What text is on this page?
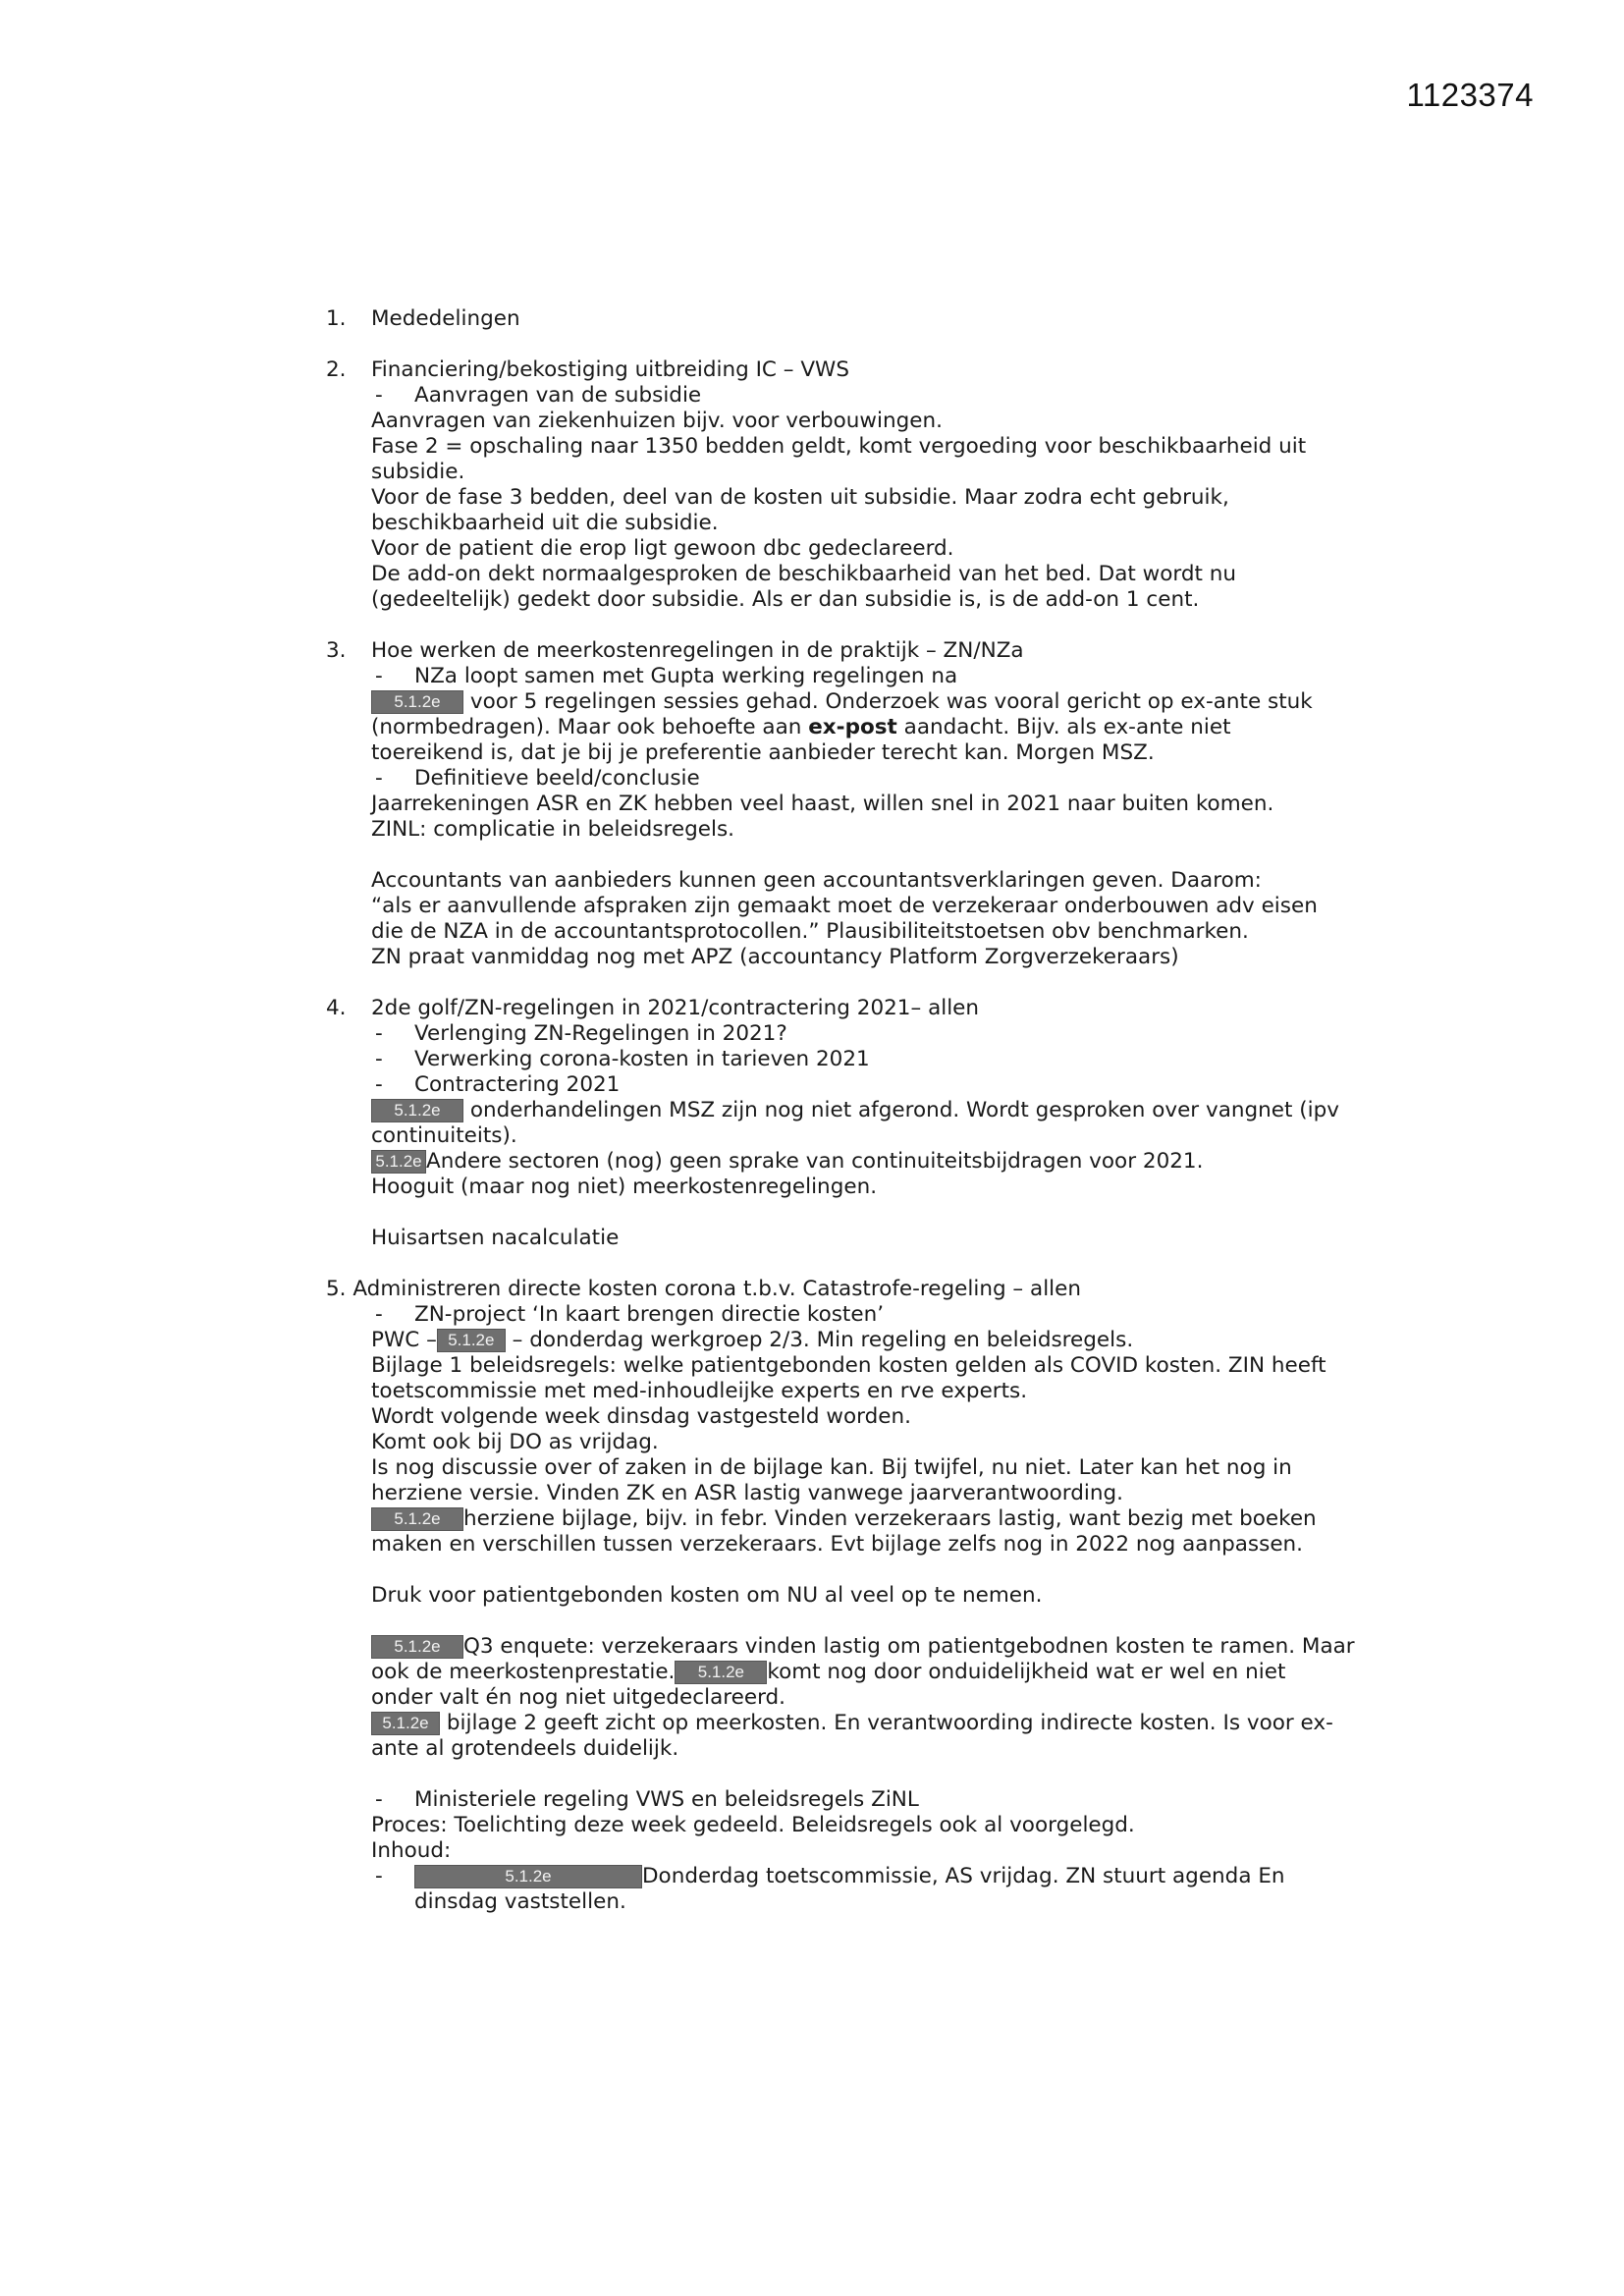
1123374
1.	Mededelingen
2.	Financiering/bekostiging uitbreiding IC – VWS
- Aanvragen van de subsidie
Aanvragen van ziekenhuizen bijv. voor verbouwingen.
Fase 2 = opschaling naar 1350 bedden geldt, komt vergoeding voor beschikbaarheid uit
subsidie.
Voor de fase 3 bedden, deel van de kosten uit subsidie. Maar zodra echt gebruik,
beschikbaarheid uit die subsidie.
Voor de patient die erop ligt gewoon dbc gedeclareerd.
De add-on dekt normaalgesproken de beschikbaarheid van het bed. Dat wordt nu
(gedeeltelijk) gedekt door subsidie. Als er dan subsidie is, is de add-on 1 cent.
3.	Hoe werken de meerkostenregelingen in de praktijk – ZN/NZa
- NZa loopt samen met Gupta werking regelingen na
5.1.2e voor 5 regelingen sessies gehad. Onderzoek was vooral gericht op ex-ante stuk
(normbedragen). Maar ook behoefte aan ex-post aandacht. Bijv. als ex-ante niet
toereikend is, dat je bij je preferentie aanbieder terecht kan. Morgen MSZ.
- Definitieve beeld/conclusie
Jaarrekeningen ASR en ZK hebben veel haast, willen snel in 2021 naar buiten komen.
ZINL: complicatie in beleidsregels.
Accountants van aanbieders kunnen geen accountantsverklaringen geven. Daarom:
“als er aanvullende afspraken zijn gemaakt moet de verzekeraar onderbouwen adv eisen
die de NZA in de accountantsprotocollen.” Plausibiliteitstoetsen obv benchmarken.
ZN praat vanmiddag nog met APZ (accountancy Platform Zorgverzekeraars)
4.	2de golf/ZN-regelingen in 2021/contractering 2021– allen
- Verlenging ZN-Regelingen in 2021?
- Verwerking corona-kosten in tarieven 2021
- Contractering 2021
5.1.2e onderhandelingen MSZ zijn nog niet afgerond. Wordt gesproken over vangnet (ipv
continuiteits).
5.1.2e Andere sectoren (nog) geen sprake van continuiteitsbijdragen voor 2021.
Hooguit (maar nog niet) meerkostenregelingen.
Huisartsen nacalculatie
5. Administreren directe kosten corona t.b.v. Catastrofe-regeling – allen
- ZN-project ‘In kaart brengen directie kosten’
PWC – 5.1.2e – donderdag werkgroep 2/3. Min regeling en beleidsregels.
Bijlage 1 beleidsregels: welke patientgebonden kosten gelden als COVID kosten. ZIN heeft
toetscommissie met med-inhoudleijke experts en rve experts.
Wordt volgende week dinsdag vastgesteld worden.
Komt ook bij DO as vrijdag.
Is nog discussie over of zaken in de bijlage kan. Bij twijfel, nu niet. Later kan het nog in
herziene versie. Vinden ZK en ASR lastig vanwege jaarverantwoording.
5.1.2e herziene bijlage, bijv. in febr. Vinden verzekeraars lastig, want bezig met boeken
maken en verschillen tussen verzekeraars. Evt bijlage zelfs nog in 2022 nog aanpassen.
Druk voor patientgebonden kosten om NU al veel op te nemen.
5.1.2e Q3 enquete: verzekeraars vinden lastig om patientgebodnen kosten te ramen. Maar
ook de meerkostenprestatie. 5.1.2e komt nog door onduidelijkheid wat er wel en niet
onder valt én nog niet uitgedeclareerd.
5.1.2e bijlage 2 geeft zicht op meerkosten. En verantwoording indirecte kosten. Is voor ex-
ante al grotendeels duidelijk.
- Ministeriele regeling VWS en beleidsregels ZiNL
Proces: Toelichting deze week gedeeld. Beleidsregels ook al voorgelegd.
Inhoud:
- 5.1.2e	Donderdag toetscommissie, AS vrijdag. ZN stuurt agenda En
dinsdag vaststellen.
